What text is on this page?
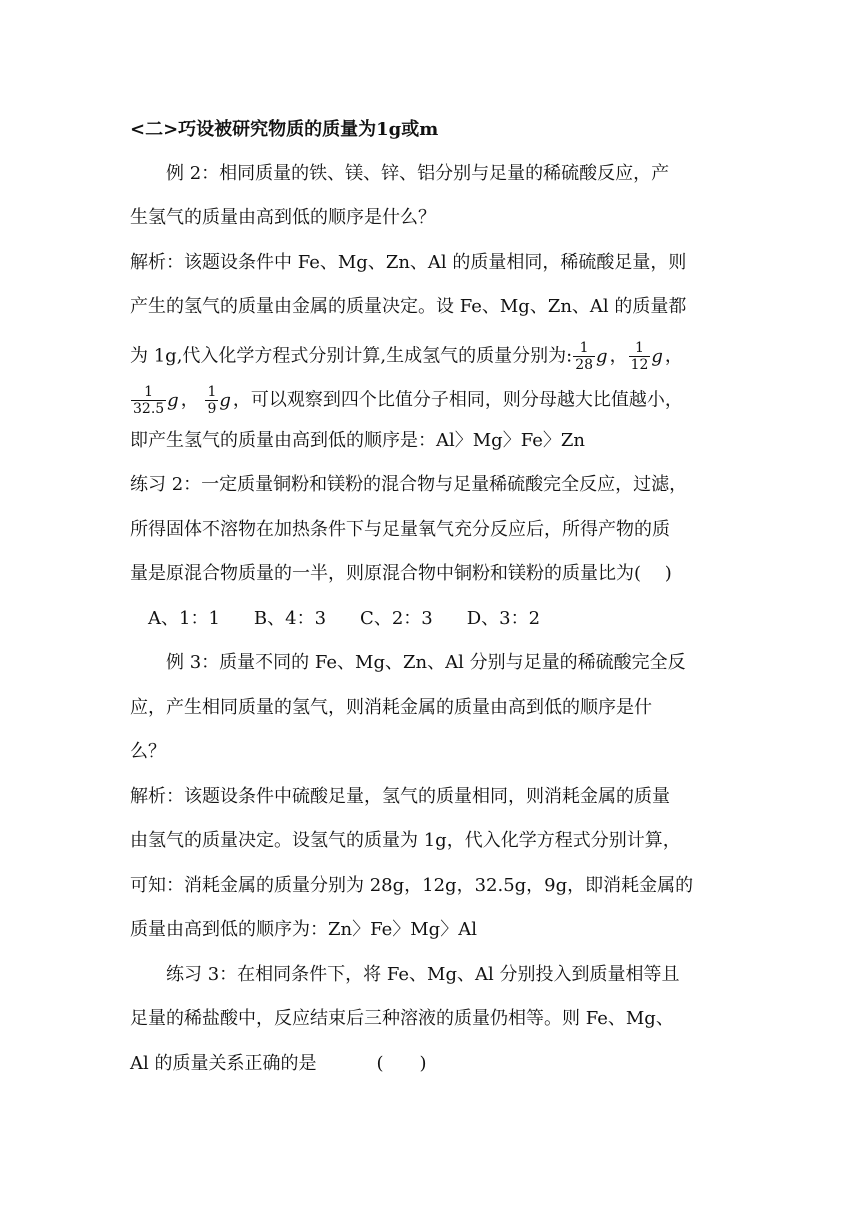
<二>巧设被研究物质的质量为1g或m
例 2：相同质量的铁、镁、锌、铝分别与足量的稀硫酸反应，产
生氢气的质量由高到低的顺序是什么？
解析：该题设条件中 Fe、Mg、Zn、Al 的质量相同，稀硫酸足量，则
产生的氢气的质量由金属的质量决定。设 Fe、Mg、Zn、Al 的质量都
为 1g,代入化学方程式分别计算,生成氢气的质量分别为: $\frac{1}{28}$ g ， $\frac{1}{12}$ g ，
$\frac{1}{32.5}$ g ， $\frac{1}{9}$ g ，可以观察到四个比值分子相同，则分母越大比值越小，
即产生氢气的质量由高到低的顺序是：Al〉Mg〉Fe〉Zn
练习 2：一定质量铜粉和镁粉的混合物与足量稀硫酸完全反应，过滤，
所得固体不溶物在加热条件下与足量氧气充分反应后，所得产物的质
量是原混合物质量的一半，则原混合物中铜粉和镁粉的质量比为(　 )
A、1：1 B、4：3 C、2：3 D、3：2
例 3：质量不同的 Fe、Mg、Zn、Al 分别与足量的稀硫酸完全反
应，产生相同质量的氢气，则消耗金属的质量由高到低的顺序是什
么？
解析：该题设条件中硫酸足量，氢气的质量相同，则消耗金属的质量
由氢气的质量决定。设氢气的质量为 1g，代入化学方程式分别计算，
可知：消耗金属的质量分别为 28g，12g，32.5g，9g，即消耗金属的
质量由高到低的顺序为：Zn〉Fe〉Mg〉Al
练习 3：在相同条件下，将 Fe、Mg、Al 分别投入到质量相等且
足量的稀盐酸中，反应结束后三种溶液的质量仍相等。则 Fe、Mg、
Al 的质量关系正确的是	(　　)
